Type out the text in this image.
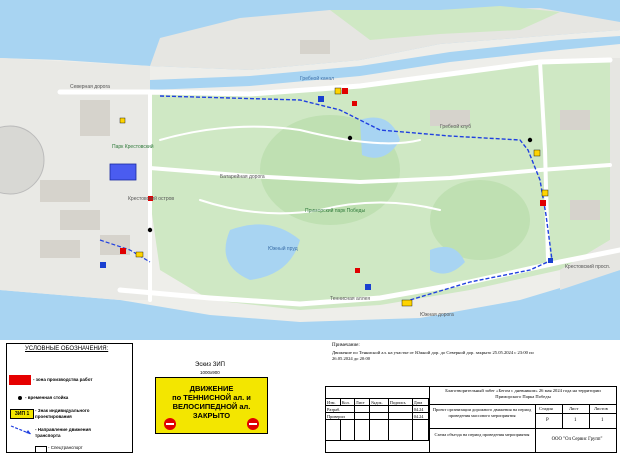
Северная дорога
Гребной канал
Батарейная дорога
Приморский парк Победы
Крестовский просп.
Южная дорога
Южный пруд
Теннисная аллея
Крестовский остров
Парк Крестовский
Гребной клуб
УСЛОВНЫЕ ОБОЗНАЧЕНИЯ:
- зона производства работ
- временная стойка
ЗИП 1
- Знак индивидуального проектирования
- Направление движения транспорта
- Спецтранспорт
Эскиз ЗИП
1000х900
ДВИЖЕНИЕ
по ТЕННИСНОЙ ал. и
ВЕЛОСИПЕДНОЙ ал.
ЗАКРЫТО
Примечание:
Движение по Теннисной ал. на участке от Южной дор. до Северной дор. закрыто 25.05.2024 с 23:00 по
26.05.2024 до 20:00
Изм.	Кол.	Лист	№док.	Подпись	Дата
Разраб.					04.24
Проверил					04.24

Благотворительный забег «Бегом с дневником» 26 мая 2024 года на территории Приморского Парка Победы
Проект организации дорожного движения на период проведения массового мероприятия
Схема объезда на период проведения мероприятия
Стадия	Лист	Листов
Р	1	1
ООО "Ол Сервис Групп"
